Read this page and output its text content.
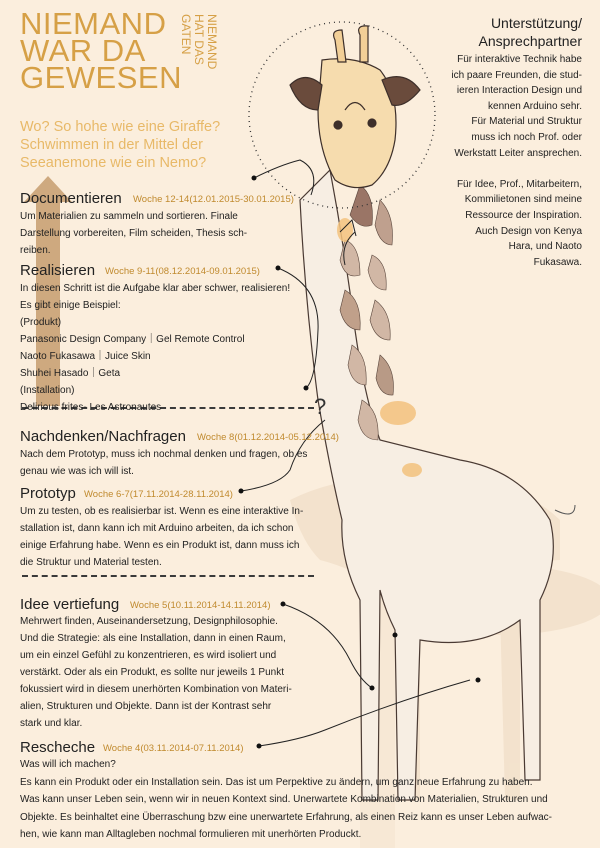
?
NIEMAND
WAR DA
GEWESEN
NIEMAND
HAT DAS
GATEN
Wo? So hohe wie eine Giraffe?
Schwimmen in der Mittel der
Seeanemone wie ein Nemo?
Unterstützung/
Ansprechpartner
Für interaktive Technik habe
ich paare Freunden, die stud-
ieren Interaction Design und
kennen Arduino sehr.
Für Material und Struktur
muss ich noch Prof. oder
Werkstatt Leiter ansprechen.
Für Idee, Prof., Mitarbeitern,
Kommilietonen sind meine
Ressource der Inspiration.
Auch Design von Kenya
Hara, und Naoto
Fukasawa.
Documentieren Woche 12-14(12.01.2015-30.01.2015)
Um Materialien zu sammeln und sortieren. Finale
Darstellung vorbereiten, Film scheiden, Thesis sch-
reiben.
Realisieren Woche 9-11(08.12.2014-09.01.2015)
In diesen Schritt ist die Aufgabe klar aber schwer, realisieren!
Es gibt einige Beispiel:
(Produkt)
Panasonic Design Company｜Gel Remote Control
Naoto Fukasawa｜Juice Skin
Shuhei Hasado｜Geta
(Installation)
Delirious frites- Les Astronautes
Nachdenken/Nachfragen Woche 8(01.12.2014-05.12.2014)
Nach dem Prototyp, muss ich nochmal denken und fragen, ob es
genau wie was ich will ist.
Prototyp Woche 6-7(17.11.2014-28.11.2014)
Um zu testen, ob es realisierbar ist. Wenn es eine interaktive In-
stallation ist, dann kann ich mit Arduino arbeiten, da ich schon
einige Erfahrung habe. Wenn es ein Produkt ist, dann muss ich
die Struktur und Material testen.
Idee vertiefung Woche 5(10.11.2014-14.11.2014)
Mehrwert finden, Auseinandersetzung, Designphilosophie.
Und die Strategie: als eine Installation, dann in einen Raum,
um ein einzel Gefühl zu konzentrieren, es wird isoliert und
verstärkt. Oder als ein Produkt, es sollte nur jeweils 1 Punkt
fokussiert wird in diesem unerhörten Kombination von Materi-
alien, Strukturen und Objekte. Dann ist der Kontrast sehr
stark und klar.
Rescheche Woche 4(03.11.2014-07.11.2014)
Was will ich machen?
Es kann ein Produkt oder ein Installation sein. Das ist um Perpektive zu ändern, um ganz neue Erfahrung zu haben.
Was kann unser Leben sein, wenn wir in neuen Kontext sind. Unerwartete Kombination von Materialien, Strukturen und
Objekte. Es beinhaltet eine Überraschung bzw eine unerwartete Erfahrung, als einen Reiz kann es unser Leben aufwac-
hen, wie kann man Alltagleben nochmal formulieren mit unerhörten Produckt.
